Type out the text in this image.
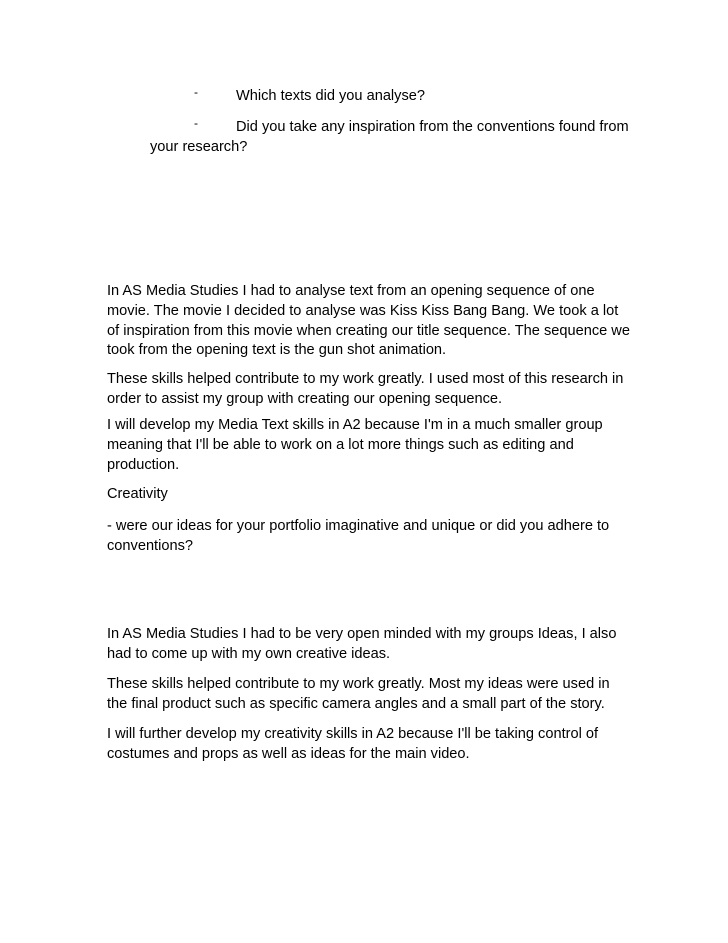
-	Which texts did you analyse?
-	Did you take any inspiration from the conventions found from
your research?

In AS Media Studies I had to analyse text from an opening sequence of one
movie. The movie I decided to analyse was Kiss Kiss Bang Bang. We took a lot
of inspiration from this movie when creating our title sequence. The sequence we
took from the opening text is the gun shot animation.

These skills helped contribute to my work greatly. I used most of this research in
order to assist my group with creating our opening sequence.

I will develop my Media Text skills in A2 because I'm in a much smaller group
meaning that I'll be able to work on a lot more things such as editing and
production.

Creativity

- were our ideas for your portfolio imaginative and unique or did you adhere to
conventions?

In AS Media Studies I had to be very open minded with my groups Ideas, I also
had to come up with my own creative ideas.

These skills helped contribute to my work greatly. Most my ideas were used in
the final product such as specific camera angles and a small part of the story.

I will further develop my creativity skills in A2 because I'll be taking control of
costumes and props as well as ideas for the main video.
